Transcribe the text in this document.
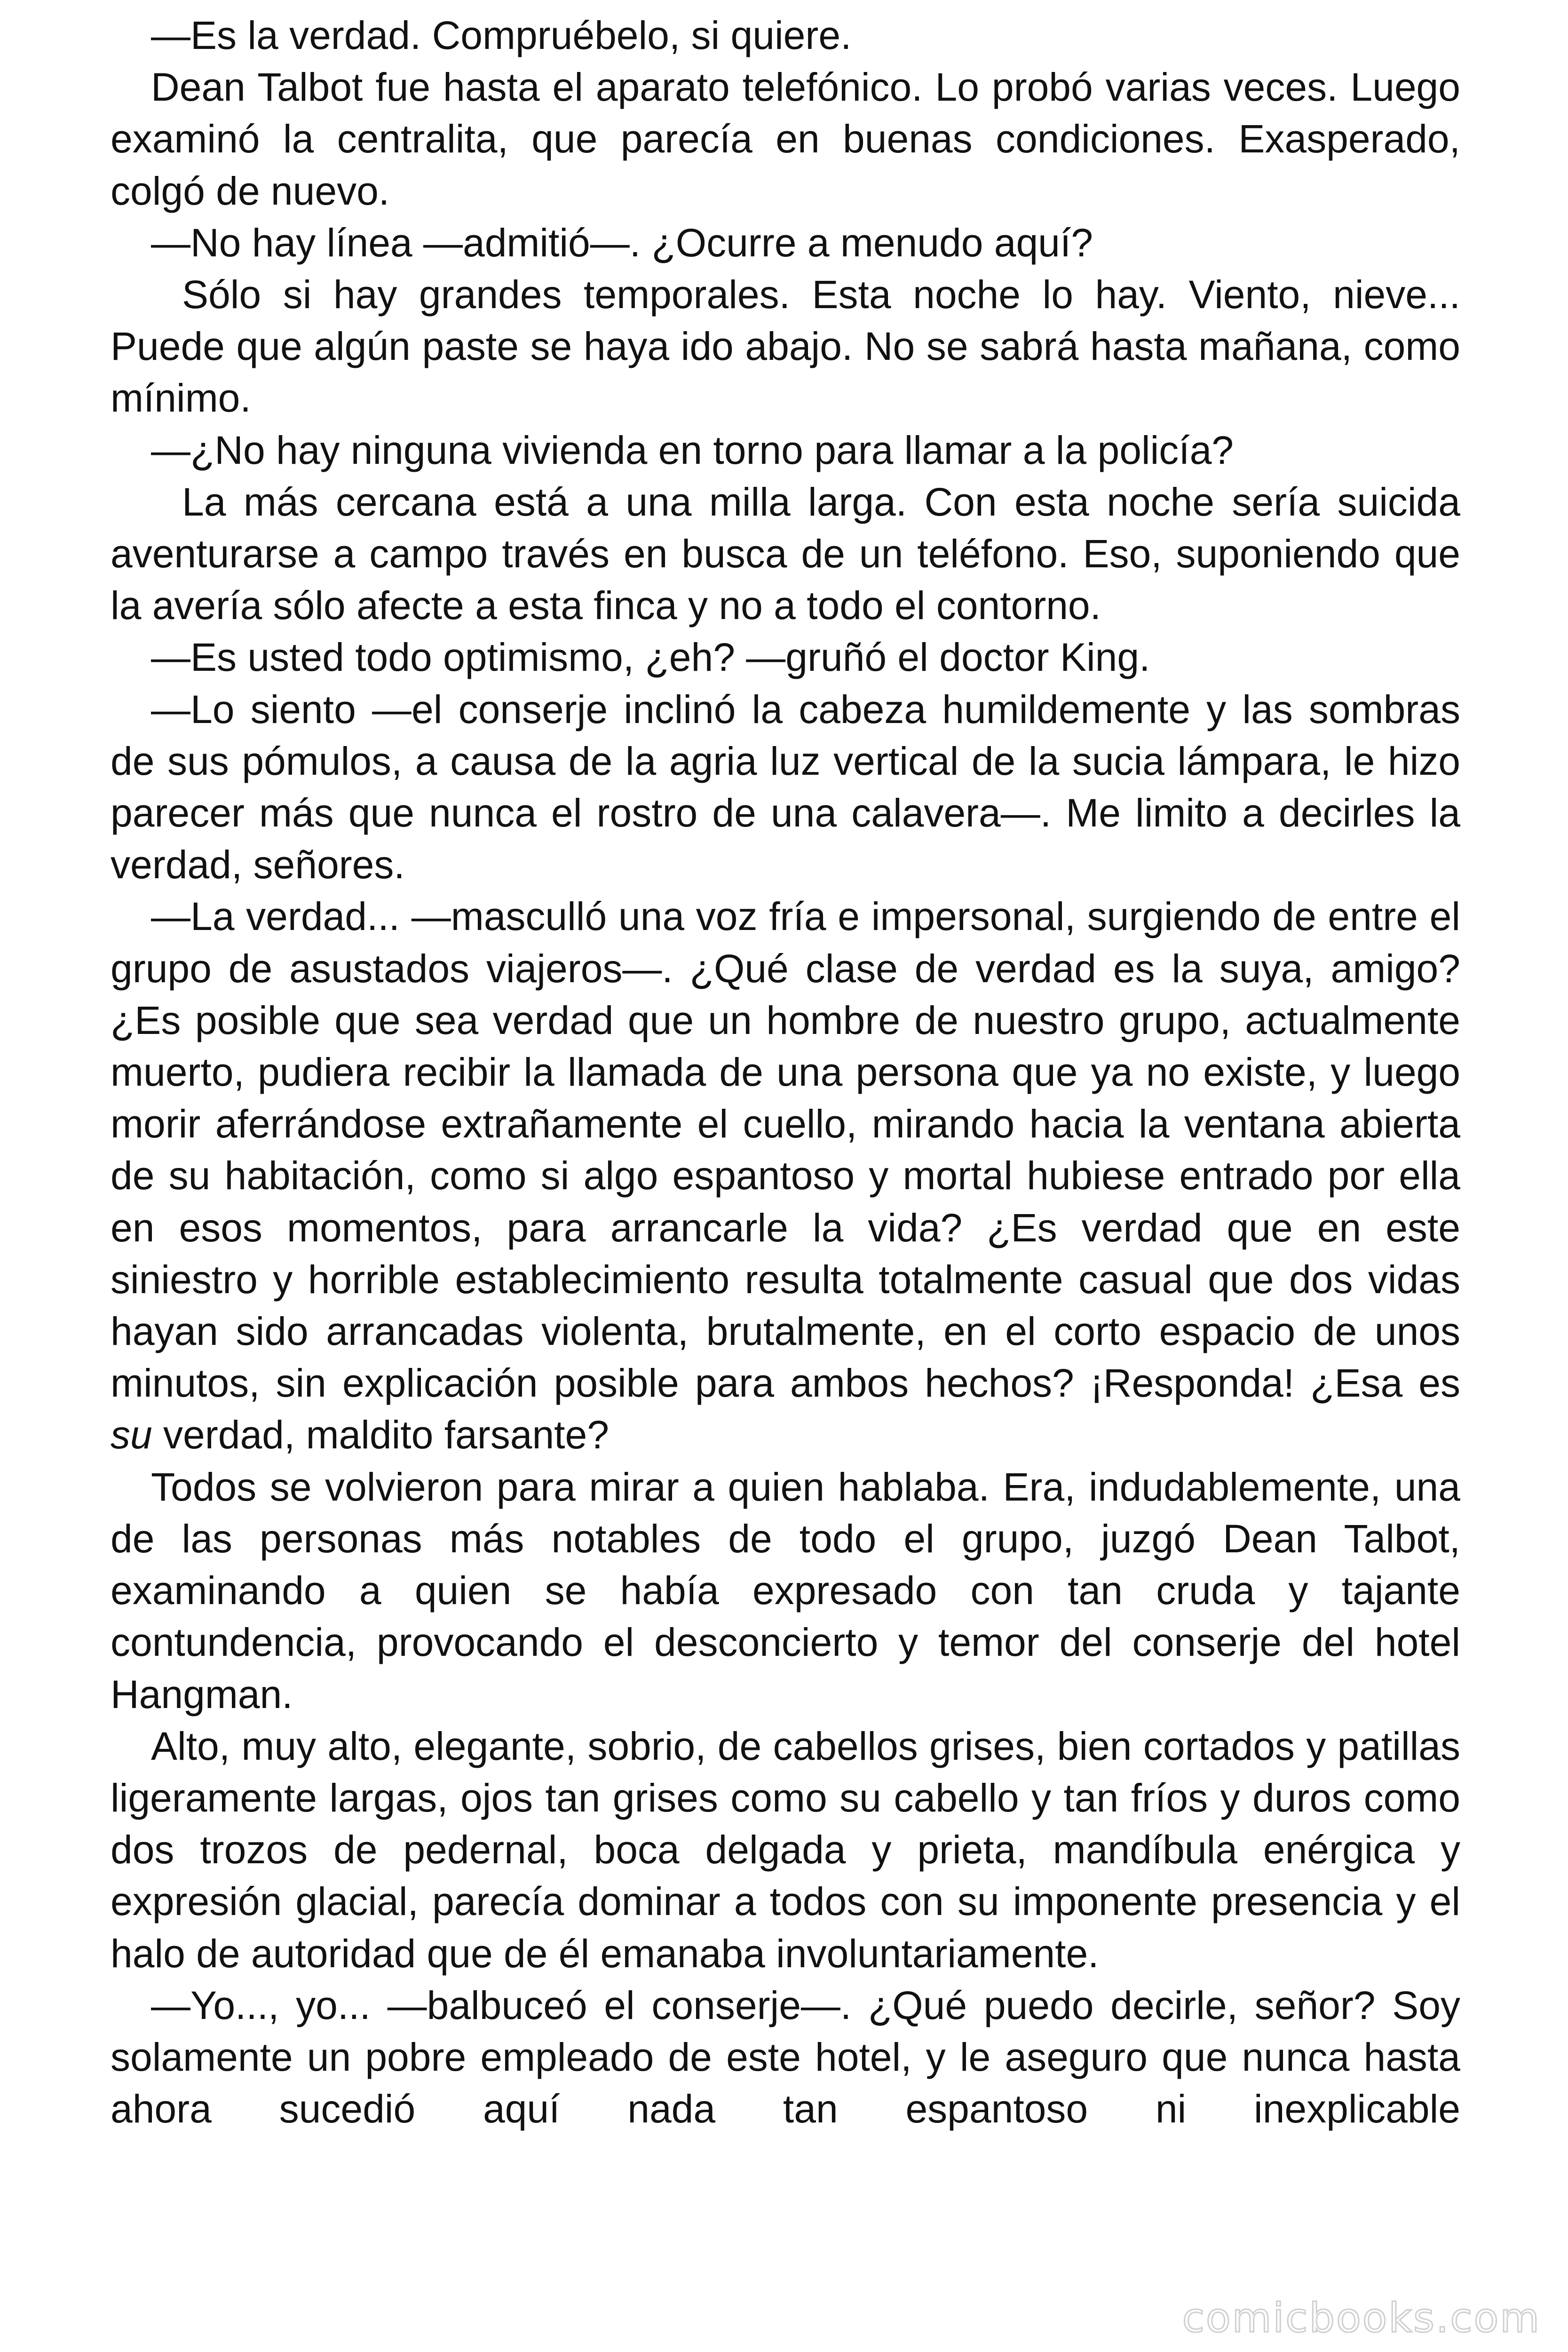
—Es la verdad. Compruébelo, si quiere.

Dean Talbot fue hasta el aparato telefónico. Lo probó varias veces. Luego examinó la centralita, que parecía en buenas condiciones. Exasperado, colgó de nuevo.

—No hay línea —admitió—. ¿Ocurre a menudo aquí?

Sólo si hay grandes temporales. Esta noche lo hay. Viento, nieve... Puede que algún paste se haya ido abajo. No se sabrá hasta mañana, como mínimo.

—¿No hay ninguna vivienda en torno para llamar a la policía?

La más cercana está a una milla larga. Con esta noche sería suicida aventurarse a campo través en busca de un teléfono. Eso, suponiendo que la avería sólo afecte a esta finca y no a todo el contorno.

—Es usted todo optimismo, ¿eh? —gruñó el doctor King.

—Lo siento —el conserje inclinó la cabeza humildemente y las sombras de sus pómulos, a causa de la agria luz vertical de la sucia lámpara, le hizo parecer más que nunca el rostro de una calavera—. Me limito a decirles la verdad, señores.

—La verdad... —masculló una voz fría e impersonal, surgiendo de entre el grupo de asustados viajeros—. ¿Qué clase de verdad es la suya, amigo? ¿Es posible que sea verdad que un hombre de nuestro grupo, actualmente muerto, pudiera recibir la llamada de una persona que ya no existe, y luego morir aferrándose extrañamente el cuello, mirando hacia la ventana abierta de su habitación, como si algo espantoso y mortal hubiese entrado por ella en esos momentos, para arrancarle la vida? ¿Es verdad que en este siniestro y horrible establecimiento resulta totalmente casual que dos vidas hayan sido arrancadas violenta, brutalmente, en el corto espacio de unos minutos, sin explicación posible para ambos hechos? ¡Responda! ¿Esa es su verdad, maldito farsante?

Todos se volvieron para mirar a quien hablaba. Era, indudablemente, una de las personas más notables de todo el grupo, juzgó Dean Talbot, examinando a quien se había expresado con tan cruda y tajante contundencia, provocando el desconcierto y temor del conserje del hotel Hangman.

Alto, muy alto, elegante, sobrio, de cabellos grises, bien cortados y patillas ligeramente largas, ojos tan grises como su cabello y tan fríos y duros como dos trozos de pedernal, boca delgada y prieta, mandíbula enérgica y expresión glacial, parecía dominar a todos con su imponente presencia y el halo de autoridad que de él emanaba involuntariamente.

—Yo..., yo... —balbuceó el conserje—. ¿Qué puedo decirle, señor? Soy solamente un pobre empleado de este hotel, y le aseguro que nunca hasta ahora sucedió aquí nada tan espantoso ni inexplicable

comicbooks.com
